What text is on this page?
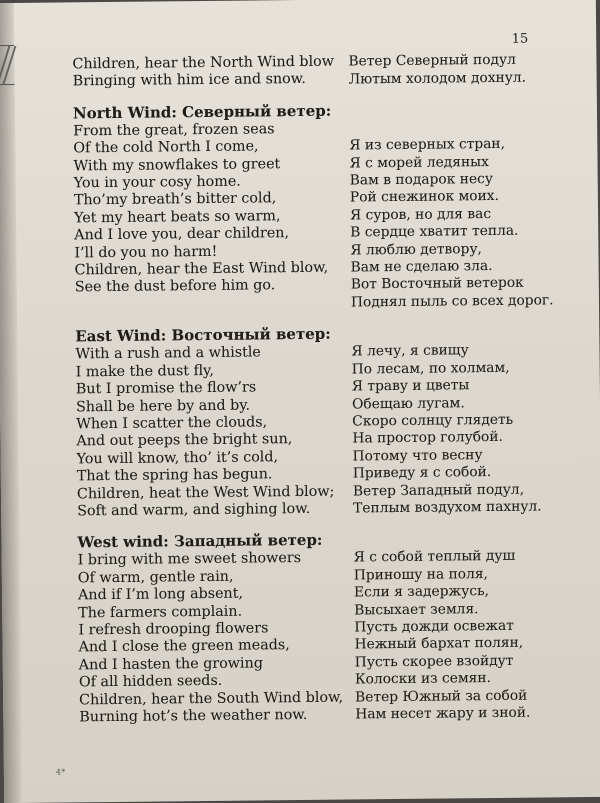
15
Children, hear the North Wind blow	Ветер Северный подул
Bringing with him ice and snow.	Лютым холодом дохнул.
North Wind: Северный ветер:
From the great, frozen seas
Of the cold North I come,	Я из северных стран,
With my snowflakes to greet	Я с морей ледяных
You in your cosy home.	Вам в подарок несу
Tho’my breath’s bitter cold,	Рой снежинок моих.
Yet my heart beats so warm,	Я суров, но для вас
And I love you, dear children,	В сердце хватит тепла.
I’ll do you no harm!	Я люблю детвору,
Children, hear the East Wind blow,	Вам не сделаю зла.
See the dust before him go.	Вот Восточный ветерок
Поднял пыль со всех дорог.
East Wind: Восточный ветер:
With a rush and a whistle	Я лечу, я свищу
I make the dust fly,	По лесам, по холмам,
But I promise the flow’rs	Я траву и цветы
Shall be here by and by.	Обещаю лугам.
When I scatter the clouds,	Скоро солнцу глядеть
And out peeps the bright sun,	На простор голубой.
You will know, tho’ it’s cold,	Потому что весну
That the spring has begun.	Приведу я с собой.
Children, heat the West Wind blow;	Ветер Западный подул,
Soft and warm, and sighing low.	Теплым воздухом пахнул.
West wind: Западный ветер:
I bring with me sweet showers	Я с собой теплый душ
Of warm, gentle rain,	Приношу на поля,
And if I’m long absent,	Если я задержусь,
The farmers complain.	Высыхает земля.
I refresh drooping flowers	Пусть дожди освежат
And I close the green meads,	Нежный бархат полян,
And I hasten the growing	Пусть скорее взойдут
Of all hidden seeds.	Колоски из семян.
Children, hear the South Wind blow, Ветер Южный за собой
Burning hot’s the weather now.	Нам несет жару и зной.
4*
